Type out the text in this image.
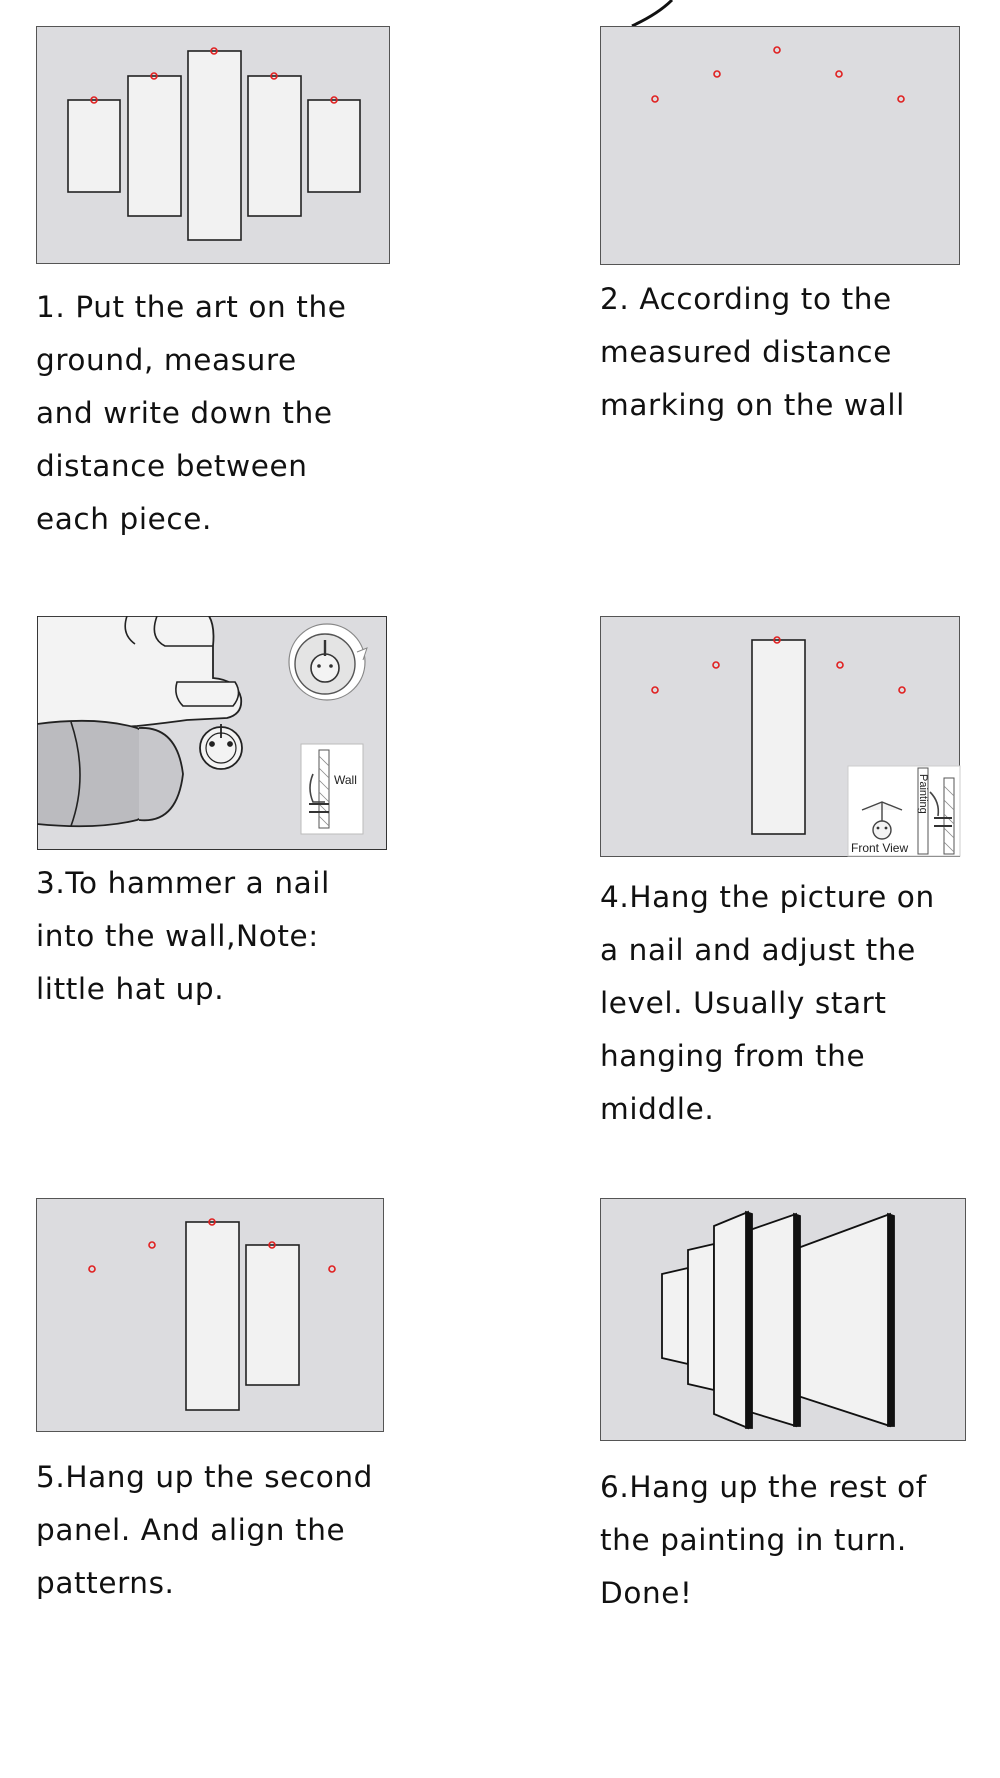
1. Put the art on the
ground, measure
and write down the
distance between
each piece.

2. According to the
measured distance
marking on the wall

Wall

3.To hammer a nail
into the wall,Note:
little hat up.

Front View
Painting

4.Hang the picture on
a nail and adjust the
level. Usually start
hanging from the
middle.

5.Hang up the second
panel. And align the
patterns.

6.Hang up the rest of
the painting in turn.
Done!
